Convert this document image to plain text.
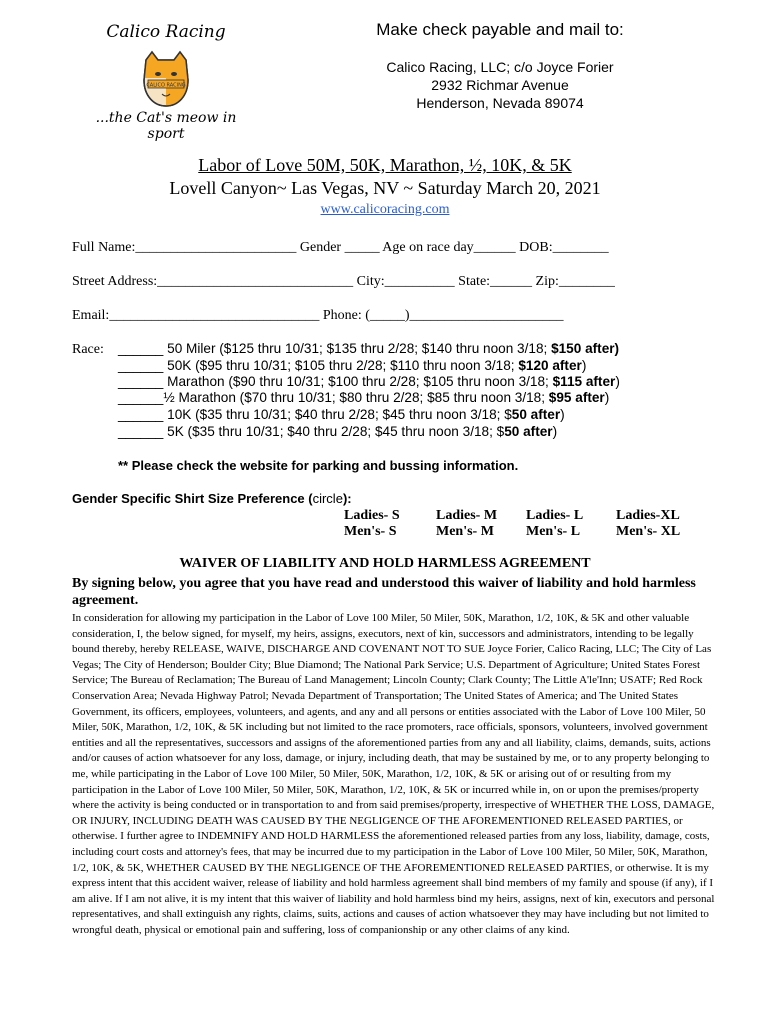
Calico Racing
CALICO RACING
...the Cat's meow in sport
Make check payable and mail to:
Calico Racing, LLC; c/o Joyce Forier
2932 Richmar Avenue
Henderson, Nevada 89074
Labor of Love 50M, 50K, Marathon, ½, 10K, & 5K
Lovell Canyon~ Las Vegas, NV ~ Saturday March 20, 2021
www.calicoracing.com
Full Name:_______________________ Gender _____ Age on race day______ DOB:________
Street Address:____________________________ City:__________ State:______ Zip:________
Email:______________________________ Phone: (_____)______________________
Race: ______ 50 Miler ($125 thru 10/31; $135 thru 2/28; $140 thru noon 3/18; $150 after)
______ 50K ($95 thru 10/31; $105 thru 2/28; $110 thru noon 3/18; $120 after)
______ Marathon ($90 thru 10/31; $100 thru 2/28; $105 thru noon 3/18; $115 after)
______½ Marathon ($70 thru 10/31; $80 thru 2/28; $85 thru noon 3/18; $95 after)
______ 10K ($35 thru 10/31; $40 thru 2/28; $45 thru noon 3/18; $50 after)
______ 5K ($35 thru 10/31; $40 thru 2/28; $45 thru noon 3/18; $50 after)
** Please check the website for parking and bussing information.
Gender Specific Shirt Size Preference (circle):
Ladies- S	Ladies- M Ladies- L Ladies-XL
Men's- S	Men's- M Men's- L	Men's- XL
WAIVER OF LIABILITY AND HOLD HARMLESS AGREEMENT
By signing below, you agree that you have read and understood this waiver of liability and hold harmless agreement.
In consideration for allowing my participation in the Labor of Love 100 Miler, 50 Miler, 50K, Marathon, 1/2, 10K, & 5K and other valuable consideration, I, the below signed, for myself, my heirs, assigns, executors, next of kin, successors and administrators, intending to be legally bound thereby, hereby RELEASE, WAIVE, DISCHARGE AND COVENANT NOT TO SUE Joyce Forier, Calico Racing, LLC; The City of Las Vegas; The City of Henderson; Boulder City; Blue Diamond; The National Park Service; U.S. Department of Agriculture; United States Forest Service; The Bureau of Reclamation; The Bureau of Land Management; Lincoln County; Clark County; The Little A'le'Inn; USATF; Red Rock Conservation Area; Nevada Highway Patrol; Nevada Department of Transportation; The United States of America; and The United States Government, its officers, employees, volunteers, and agents, and any and all persons or entities associated with the Labor of Love 100 Miler, 50 Miler, 50K, Marathon, 1/2, 10K, & 5K including but not limited to the race promoters, race officials, sponsors, volunteers, involved government entities and all the representatives, successors and assigns of the aforementioned parties from any and all liability, claims, demands, suits, actions and/or causes of action whatsoever for any loss, damage, or injury, including death, that may be sustained by me, or to any property belonging to me, while participating in the Labor of Love 100 Miler, 50 Miler, 50K, Marathon, 1/2, 10K, & 5K or arising out of or resulting from my participation in the Labor of Love 100 Miler, 50 Miler, 50K, Marathon, 1/2, 10K, & 5K or incurred while in, on or upon the premises/property where the activity is being conducted or in transportation to and from said premises/property, irrespective of WHETHER THE LOSS, DAMAGE, OR INJURY, INCLUDING DEATH WAS CAUSED BY THE NEGLIGENCE OF THE AFOREMENTIONED RELEASED PARTIES, or otherwise. I further agree to INDEMNIFY AND HOLD HARMLESS the aforementioned released parties from any loss, liability, damage, costs, including court costs and attorney's fees, that may be incurred due to my participation in the Labor of Love 100 Miler, 50 Miler, 50K, Marathon, 1/2, 10K, & 5K, WHETHER CAUSED BY THE NEGLIGENCE OF THE AFOREMENTIONED RELEASED PARTIES, or otherwise. It is my express intent that this accident waiver, release of liability and hold harmless agreement shall bind members of my family and spouse (if any), if I am alive. If I am not alive, it is my intent that this waiver of liability and hold harmless bind my heirs, assigns, next of kin, executors and personal representatives, and shall extinguish any rights, claims, suits, actions and causes of action whatsoever they may have including but not limited to wrongful death, physical or emotional pain and suffering, loss of companionship or any other claims of any kind.
